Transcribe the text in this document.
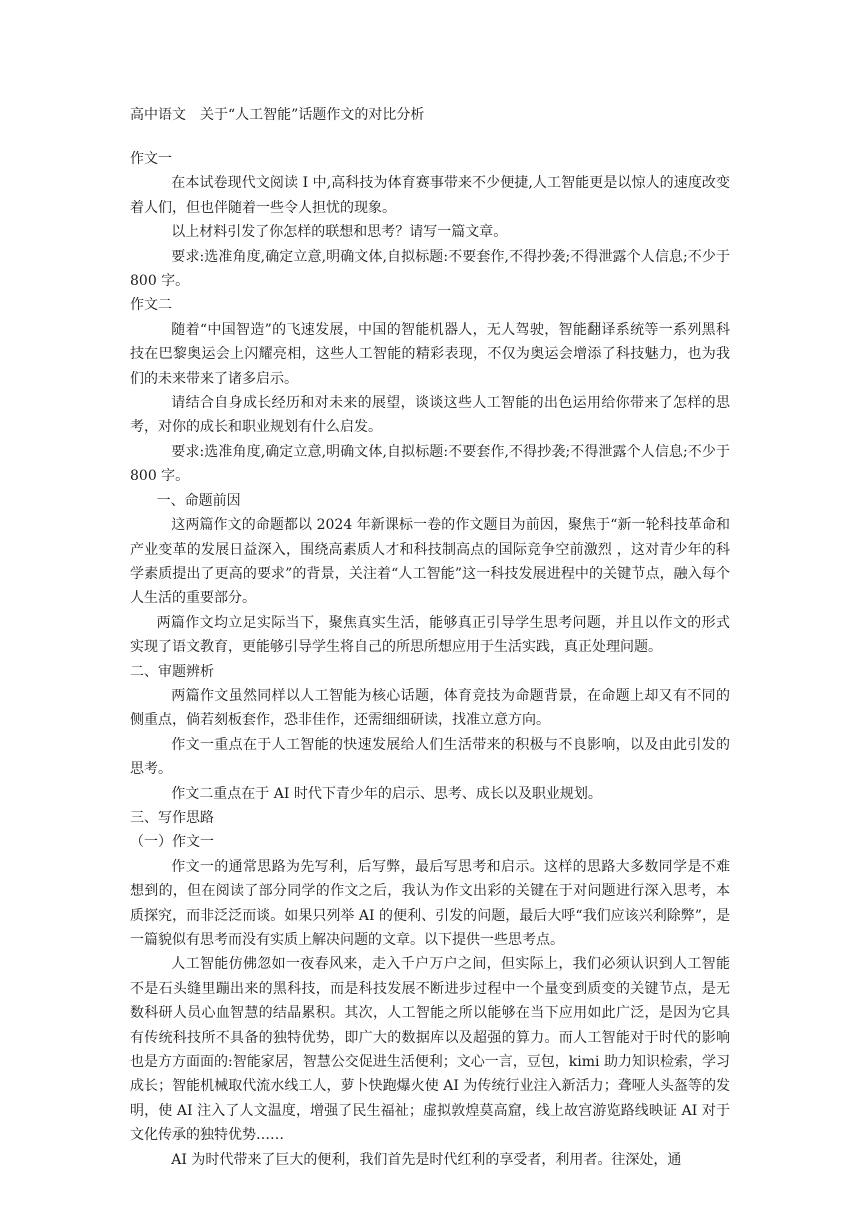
高中语文 关于“人工智能”话题作文的对比分析
作文一

在本试卷现代文阅读 I 中,高科技为体育赛事带来不少便捷,人工智能更是以惊人的速度改变着人们，但也伴随着一些令人担忧的现象。

以上材料引发了你怎样的联想和思考？请写一篇文章。

要求:选准角度,确定立意,明确文体,自拟标题:不要套作,不得抄袭;不得泄露个人信息;不少于 800 字。

作文二

随着“中国智造”的飞速发展，中国的智能机器人，无人驾驶，智能翻译系统等一系列黑科技在巴黎奥运会上闪耀亮相，这些人工智能的精彩表现，不仅为奥运会增添了科技魅力，也为我们的未来带来了诸多启示。

请结合自身成长经历和对未来的展望，谈谈这些人工智能的出色运用给你带来了怎样的思考，对你的成长和职业规划有什么启发。

要求:选准角度,确定立意,明确文体,自拟标题:不要套作,不得抄袭;不得泄露个人信息;不少于 800 字。

一、命题前因

这两篇作文的命题都以 2024 年新课标一卷的作文题目为前因，聚焦于“新一轮科技革命和产业变革的发展日益深入，围绕高素质人才和科技制高点的国际竞争空前激烈 ，这对青少年的科学素质提出了更高的要求”的背景，关注着“人工智能”这一科技发展进程中的关键节点，融入每个人生活的重要部分。

两篇作文均立足实际当下，聚焦真实生活，能够真正引导学生思考问题，并且以作文的形式实现了语文教育，更能够引导学生将自己的所思所想应用于生活实践，真正处理问题。

二、审题辨析

两篇作文虽然同样以人工智能为核心话题，体育竞技为命题背景，在命题上却又有不同的侧重点，倘若刻板套作，恐非佳作，还需细细研读，找准立意方向。

作文一重点在于人工智能的快速发展给人们生活带来的积极与不良影响，以及由此引发的思考。

作文二重点在于 AI 时代下青少年的启示、思考、成长以及职业规划。

三、写作思路
（一）作文一

作文一的通常思路为先写利，后写弊，最后写思考和启示。这样的思路大多数同学是不难想到的，但在阅读了部分同学的作文之后，我认为作文出彩的关键在于对问题进行深入思考，本质探究，而非泛泛而谈。如果只列举 AI 的便利、引发的问题，最后大呼“我们应该兴利除弊”，是一篇貌似有思考而没有实质上解决问题的文章。以下提供一些思考点。

人工智能仿佛忽如一夜春风来，走入千户万户之间，但实际上，我们必须认识到人工智能不是石头缝里蹦出来的黑科技，而是科技发展不断进步过程中一个量变到质变的关键节点，是无数科研人员心血智慧的结晶累积。其次，人工智能之所以能够在当下应用如此广泛，是因为它具有传统科技所不具备的独特优势，即广大的数据库以及超强的算力。而人工智能对于时代的影响也是方方面面的:智能家居，智慧公交促进生活便利；文心一言，豆包，kimi 助力知识检索，学习成长；智能机械取代流水线工人，萝卜快跑爆火使 AI 为传统行业注入新活力；聋哑人头盔等的发明，使 AI 注入了人文温度，增强了民生福祉；虚拟敦煌莫高窟，线上故宫游览路线映证 AI 对于文化传承的独特优势……

AI 为时代带来了巨大的便利，我们首先是时代红利的享受者，利用者。往深处，通
